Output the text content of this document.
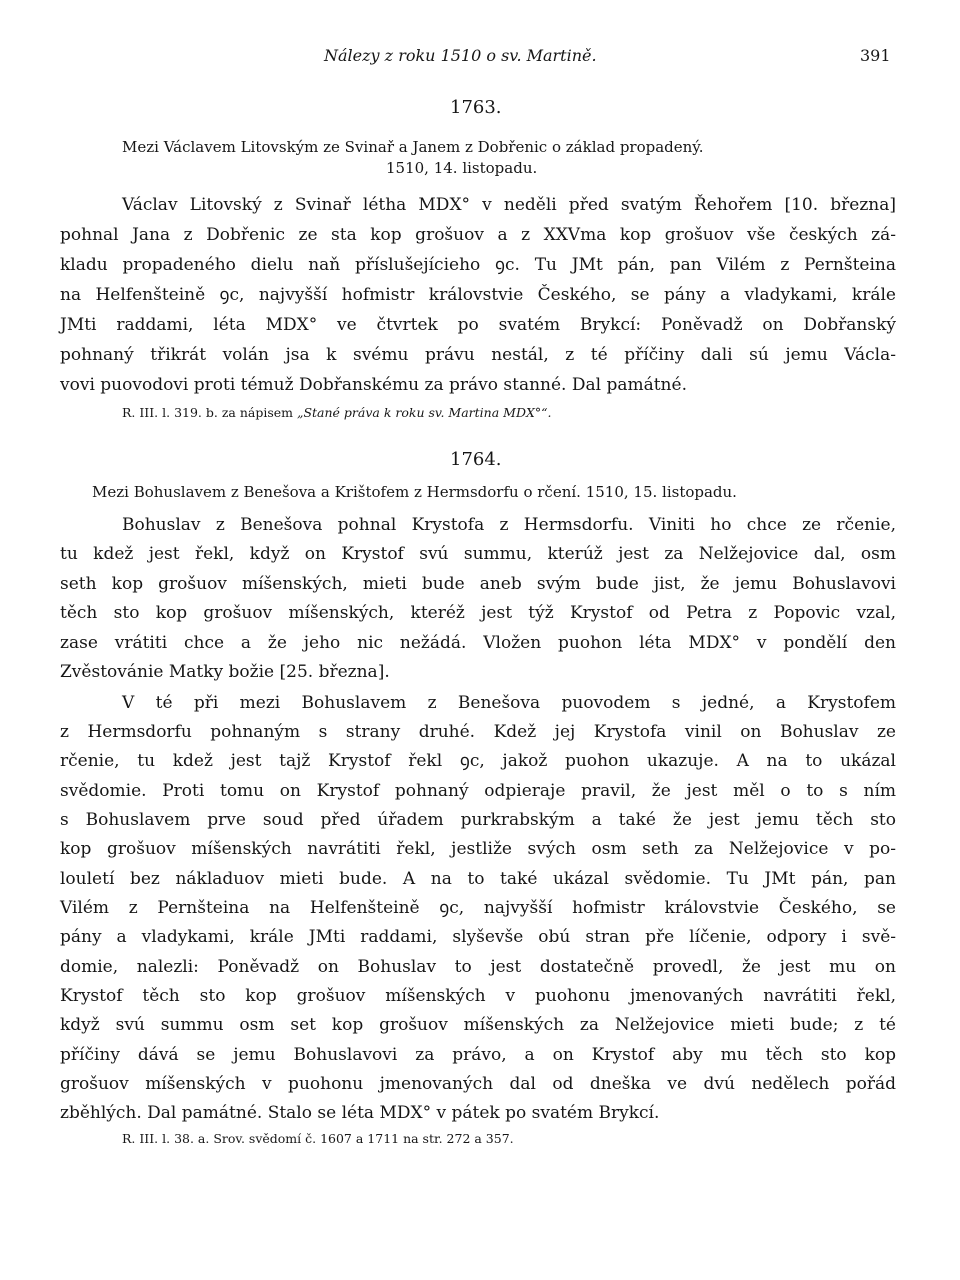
Nálezy z roku 1510 o sv. Martině.	391
1763.
Mezi Václavem Litovským ze Svinař a Janem z Dobřenic o základ propadený.
1510, 14. listopadu.
Václav Litovský z Svinař létha MDX° v neděli před svatým Řehořem [10. března]
pohnal Jana z Dobřenic ze sta kop grošuov a z XXVma kop grošuov vše českých zá-
kladu propadeného dielu naň příslušejícieho ꝯc. Tu JMt pán, pan Vilém z Pernšteina
na Helfenšteině ꝯc, najvyšší hofmistr královstvie Českého, se pány a vladykami, krále
JMti raddami, léta MDX° ve čtvrtek po svatém Brykcí: Poněvadž on Dobřanský
pohnaný třikrát volán jsa k svému právu nestál, z té příčiny dali sú jemu Václa-
vovi puovodovi proti témuž Dobřanskému za právo stanné. Dal památné.
R. III. l. 319. b. za nápisem „Stané práva k roku sv. Martina MDX°“.
1764.
Mezi Bohuslavem z Benešova a Krištofem z Hermsdorfu o rčení. 1510, 15. listopadu.
Bohuslav z Benešova pohnal Krystofa z Hermsdorfu. Viniti ho chce ze rčenie,
tu kdež jest řekl, když on Krystof svú summu, kterúž jest za Nelžejovice dal, osm
seth kop grošuov míšenských, mieti bude aneb svým bude jist, že jemu Bohuslavovi
těch sto kop grošuov míšenských, kteréž jest týž Krystof od Petra z Popovic vzal,
zase vrátiti chce a že jeho nic nežádá. Vložen puohon léta MDX° v pondělí den
Zvěstovánie Matky božie [25. března].
V té při mezi Bohuslavem z Benešova puovodem s jedné, a Krystofem
z Hermsdorfu pohnaným s strany druhé. Kdež jej Krystofa vinil on Bohuslav ze
rčenie, tu kdež jest tajž Krystof řekl ꝯc, jakož puohon ukazuje. A na to ukázal
svědomie. Proti tomu on Krystof pohnaný odpieraje pravil, že jest měl o to s ním
s Bohuslavem prve soud před úřadem purkrabským a také že jest jemu těch sto
kop grošuov míšenských navrátiti řekl, jestliže svých osm seth za Nelžejovice v po-
louletí bez nákladuov mieti bude. A na to také ukázal svědomie. Tu JMt pán, pan
Vilém z Pernšteina na Helfenšteině ꝯc, najvyšší hofmistr královstvie Českého, se
pány a vladykami, krále JMti raddami, slyševše obú stran pře líčenie, odpory i svě-
domie, nalezli: Poněvadž on Bohuslav to jest dostatečně provedl, že jest mu on
Krystof těch sto kop grošuov míšenských v puohonu jmenovaných navrátiti řekl,
když svú summu osm set kop grošuov míšenských za Nelžejovice mieti bude; z té
příčiny dává se jemu Bohuslavovi za právo, a on Krystof aby mu těch sto kop
grošuov míšenských v puohonu jmenovaných dal od dneška ve dvú nedělech pořád
zběhlých. Dal památné. Stalo se léta MDX° v pátek po svatém Brykcí.
R. III. l. 38. a. Srov. svědomí č. 1607 a 1711 na str. 272 a 357.
